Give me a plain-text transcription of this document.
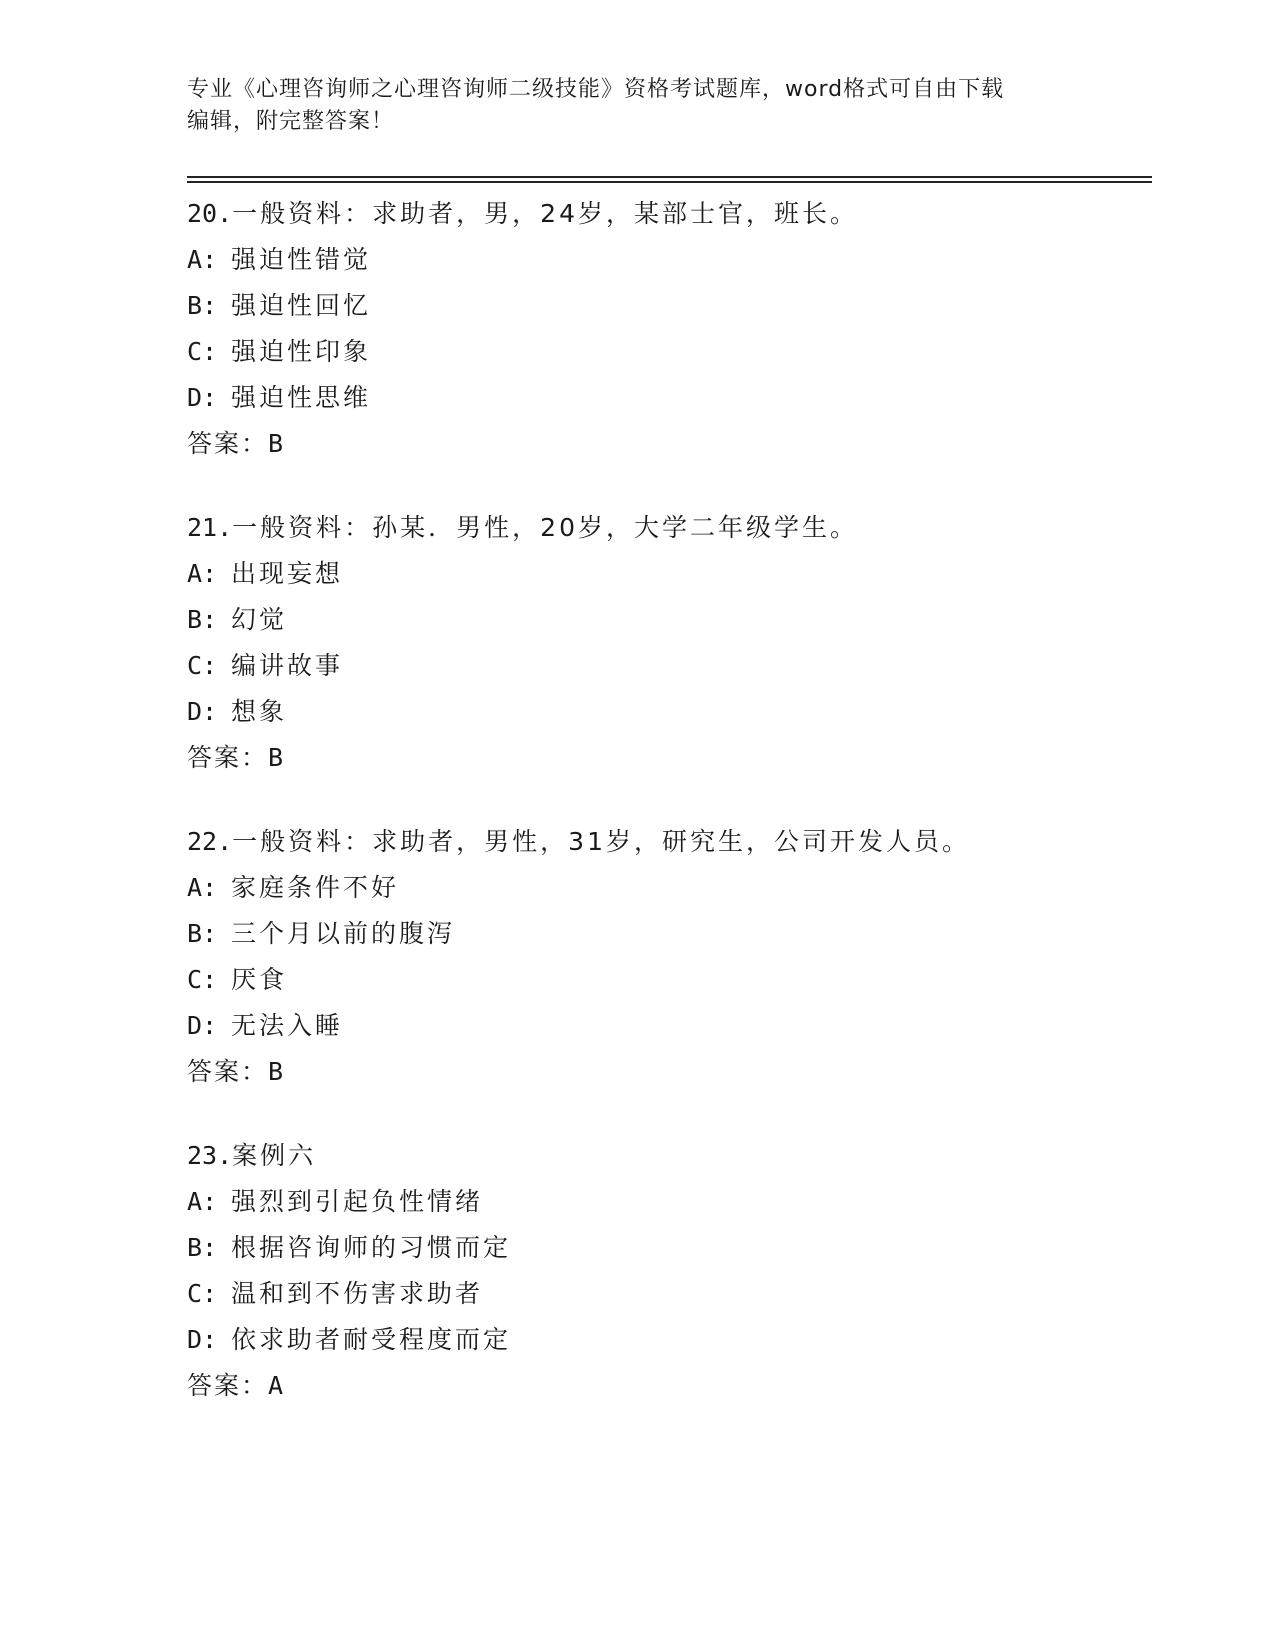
专业《心理咨询师之心理咨询师二级技能》资格考试题库，word格式可自由下载
编辑，附完整答案！
20.一般资料：求助者，男，24岁，某部士官，班长。
A: 强迫性错觉
B: 强迫性回忆
C: 强迫性印象
D: 强迫性思维
答案：B
21.一般资料：孙某．男性，20岁，大学二年级学生。
A: 出现妄想
B: 幻觉
C: 编讲故事
D: 想象
答案：B
22.一般资料：求助者，男性，31岁，研究生，公司开发人员。
A: 家庭条件不好
B: 三个月以前的腹泻
C: 厌食
D: 无法入睡
答案：B
23.案例六
A: 强烈到引起负性情绪
B: 根据咨询师的习惯而定
C: 温和到不伤害求助者
D: 依求助者耐受程度而定
答案：A
